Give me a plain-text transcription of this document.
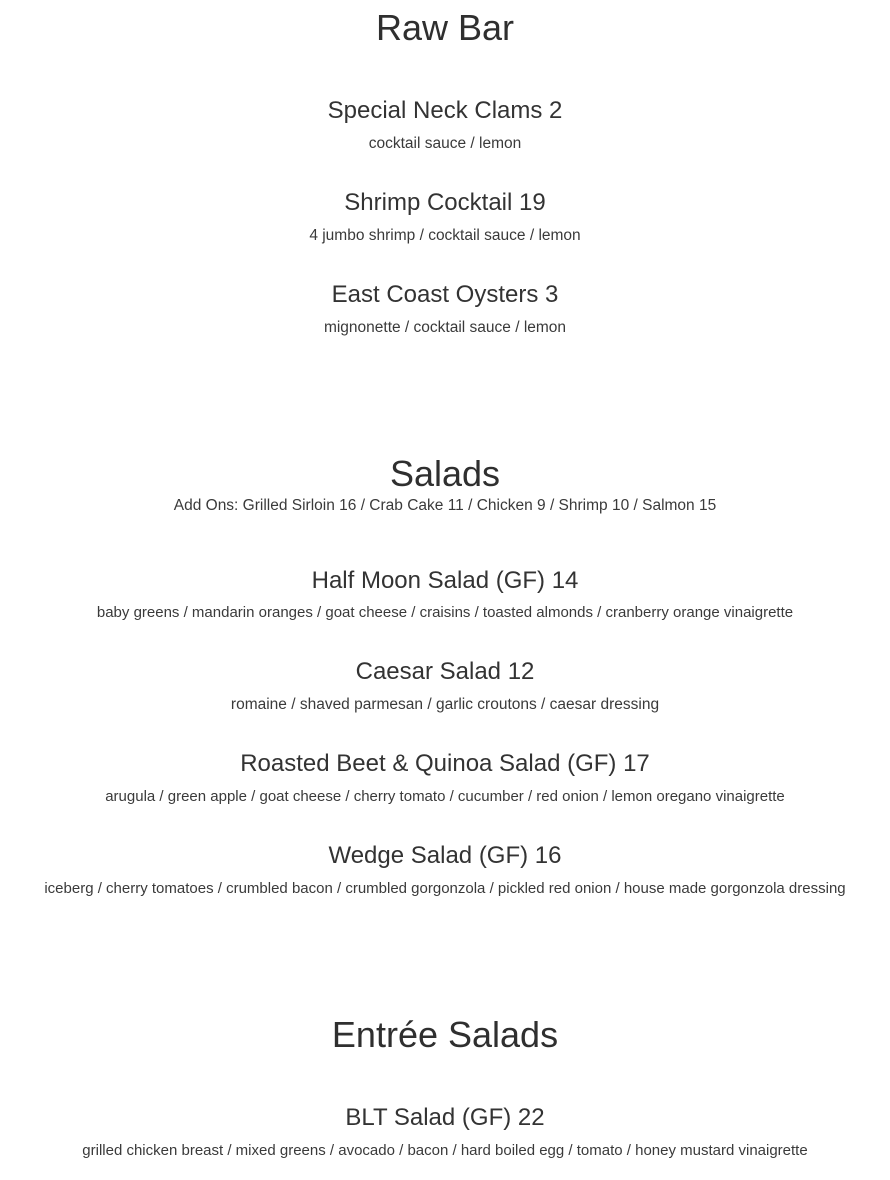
Raw Bar
Special Neck Clams 2
cocktail sauce / lemon
Shrimp Cocktail 19
4 jumbo shrimp / cocktail sauce / lemon
East Coast Oysters 3
mignonette / cocktail sauce / lemon
Salads
Add Ons: Grilled Sirloin 16 / Crab Cake 11 / Chicken 9 / Shrimp 10 / Salmon 15
Half Moon Salad (GF) 14
baby greens / mandarin oranges / goat cheese / craisins / toasted almonds / cranberry orange vinaigrette
Caesar Salad 12
romaine / shaved parmesan / garlic croutons / caesar dressing
Roasted Beet & Quinoa Salad (GF) 17
arugula / green apple / goat cheese / cherry tomato / cucumber / red onion / lemon oregano vinaigrette
Wedge Salad (GF) 16
iceberg / cherry tomatoes / crumbled bacon / crumbled gorgonzola / pickled red onion / house made gorgonzola dressing
Entrée Salads
BLT Salad (GF) 22
grilled chicken breast / mixed greens / avocado / bacon / hard boiled egg / tomato / honey mustard vinaigrette
